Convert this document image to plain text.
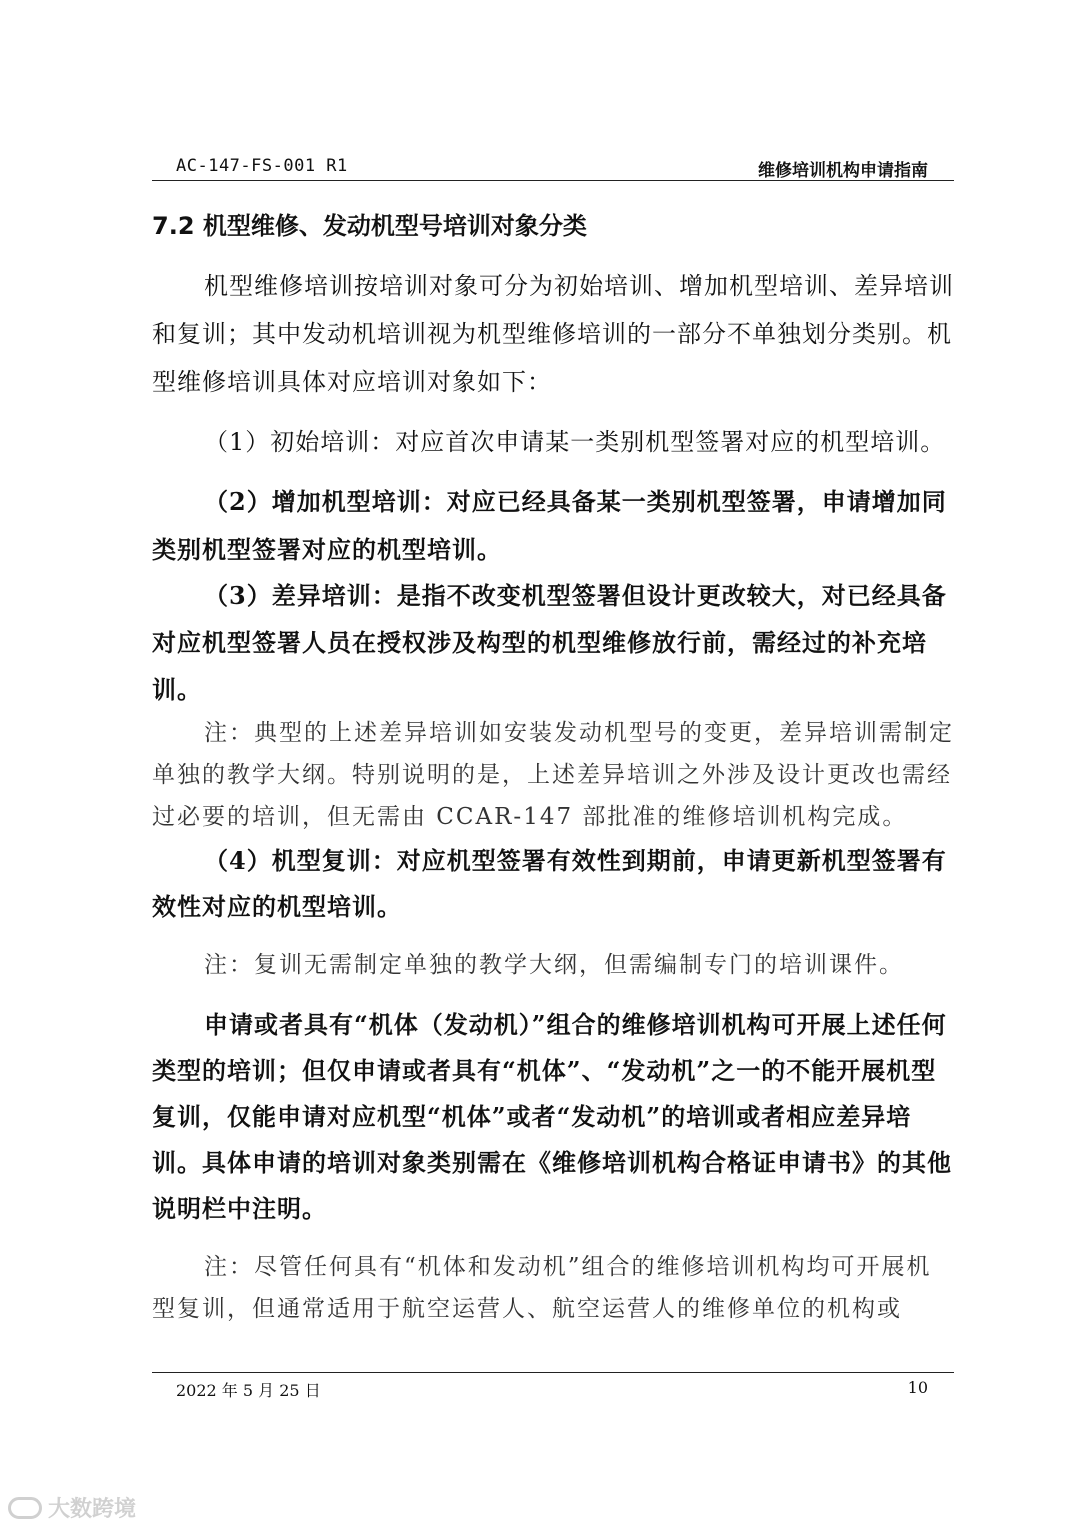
AC-147-FS-001 R1	维修培训机构申请指南
7.2 机型维修、发动机型号培训对象分类

机型维修培训按培训对象可分为初始培训、增加机型培训、差异培训和复训；其中发动机培训视为机型维修培训的一部分不单独划分类别。机型维修培训具体对应培训对象如下：

（1）初始培训：对应首次申请某一类别机型签署对应的机型培训。

（2）增加机型培训：对应已经具备某一类别机型签署，申请增加同类别机型签署对应的机型培训。

（3）差异培训：是指不改变机型签署但设计更改较大，对已经具备对应机型签署人员在授权涉及构型的机型维修放行前，需经过的补充培训。

注：典型的上述差异培训如安装发动机型号的变更，差异培训需制定单独的教学大纲。特别说明的是，上述差异培训之外涉及设计更改也需经过必要的培训，但无需由 CCAR-147 部批准的维修培训机构完成。

（4）机型复训：对应机型签署有效性到期前，申请更新机型签署有效性对应的机型培训。

注：复训无需制定单独的教学大纲，但需编制专门的培训课件。

申请或者具有“机体（发动机）”组合的维修培训机构可开展上述任何类型的培训；但仅申请或者具有“机体”、“发动机”之一的不能开展机型复训，仅能申请对应机型“机体”或者“发动机”的培训或者相应差异培训。具体申请的培训对象类别需在《维修培训机构合格证申请书》的其他说明栏中注明。

注：尽管任何具有“机体和发动机”组合的维修培训机构均可开展机型复训，但通常适用于航空运营人、航空运营人的维修单位的机构或

2022 年 5 月 25 日	10
大数跨境
